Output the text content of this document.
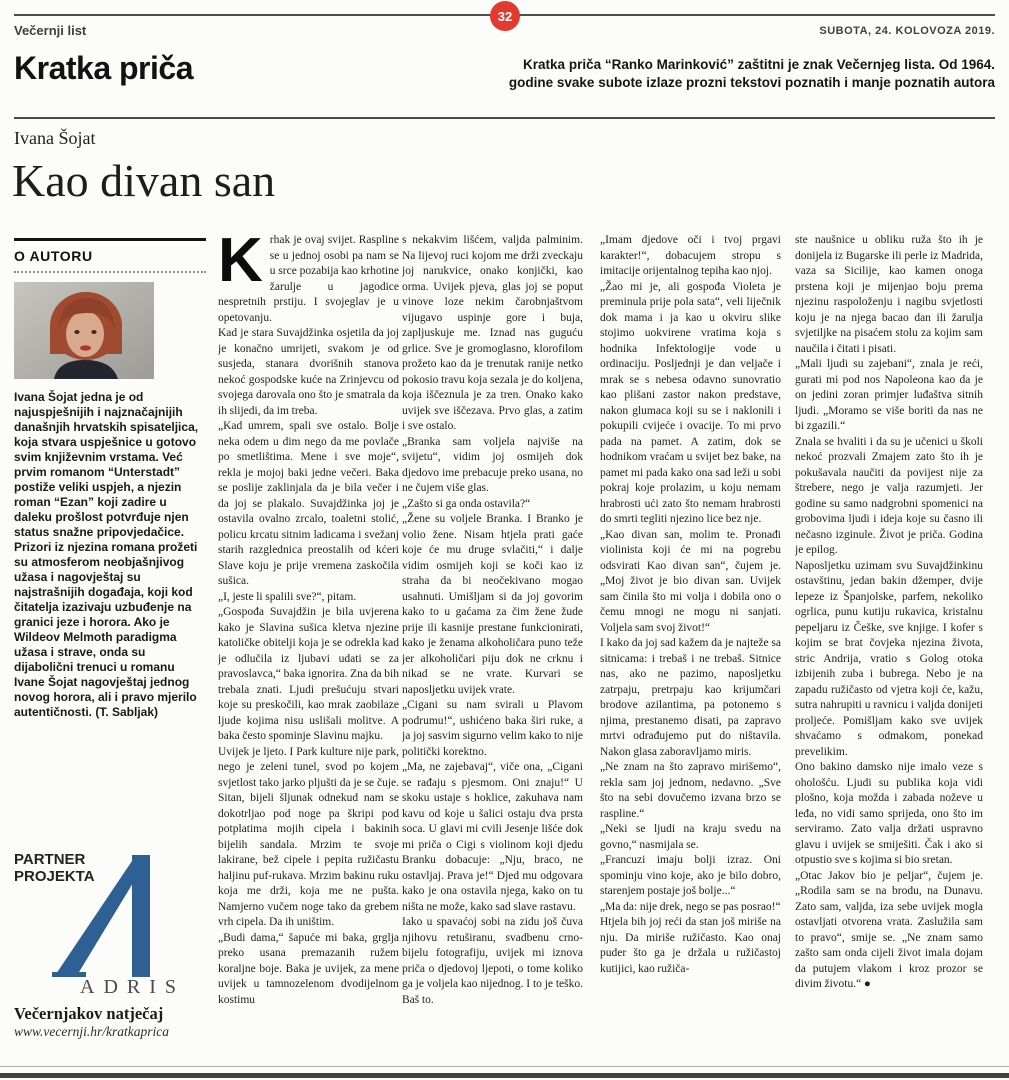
32
Večernji list	SUBOTA, 24. KOLOVOZA 2019.
Kratka priča	Kratka priča “Ranko Marinković” zaštitni je znak Večernjeg lista. Od 1964.
godine svake subote izlaze prozni tekstovi poznatih i manje poznatih autora
Ivana Šojat
Kao divan san
O AUTORU
Ivana Šojat jedna je od najuspješnijih i najznačajnijih današnjih hrvatskih spisateljica, koja stvara uspješnice u gotovo svim književnim vrstama. Već prvim romanom “Unterstadt” postiže veliki uspjeh, a njezin roman “Ezan” koji zadire u daleku prošlost potvrđuje njen status snažne pripovjedačice. Prizori iz njezina romana prožeti su atmosferom neobjašnjivog užasa i nagovještaj su najstrašnijih događaja, koji kod čitatelja izazivaju uzbuđenje na granici jeze i horora. Ako je Wildeov Melmoth paradigma užasa i strave, onda su dijabolični trenuci u romanu Ivane Šojat nagovještaj jednog novog horora, ali i pravo mjerilo autentičnosti. (T. Sabljak)
PARTNER
PROJEKTA
ADRIS
Večernjakov natječaj
www.vecernji.hr/kratkaprica
K rhak je ovaj svijet. Raspline se u jednoj osobi pa nam se u srce pozabija kao krhotine žarulje u jagodice nespretnih prstiju. I svojeglav je u opetovanju.

Kad je stara Suvajdžinka osjetila da joj je konačno umrijeti, svakom je od susjeda, stanara dvorišnih stanova nekoć gospodske kuće na Zrinjevcu od svojega darovala ono što je smatrala da ih slijedi, da im treba.

„Kad umrem, spali sve ostalo. Bolje neka odem u dim nego da me povlače po smetlištima. Mene i sve moje“, rekla je mojoj baki jedne večeri. Baka se poslije zaklinjala da je bila večer i da joj se plakalo. Suvajdžinka joj je ostavila ovalno zrcalo, toaletni stolić, policu krcatu sitnim ladicama i svežanj starih razglednica preostalih od kćeri Slave koju je prije vremena zaskočila sušica.

„I, jeste li spalili sve?“, pitam.

„Gospođa Suvajdžin je bila uvjerena kako je Slavina sušica kletva njezine katoličke obitelji koja je se odrekla kad je odlučila iz ljubavi udati se za pravoslavca,“ baka ignorira. Zna da bih trebala znati. Ljudi prešućuju stvari koje su preskočili, kao mrak zaobilaze ljude kojima nisu uslišali molitve. A baka često spominje Slavinu majku.

Uvijek je ljeto. I Park kulture nije park, nego je zeleni tunel, svod po kojem svjetlost tako jarko pljušti da je se čuje. Sitan, bijeli šljunak odnekud nam se dokotrljao pod noge pa škripi pod potplatima mojih cipela i bakinih bijelih sandala. Mrzim te svoje lakirane, bež cipele i pepita ružičastu haljinu puf-rukava. Mrzim bakinu ruku koja me drži, koja me ne pušta. Namjerno vučem noge tako da grebem vrh cipela. Da ih uništim.

„Budi dama,“ šapuće mi baka, grglja preko usana premazanih ružem koraljne boje. Baka je uvijek, za mene uvijek u tamnozelenom dvodijelnom kostimu

s nekakvim lišćem, valjda palminim. Na lijevoj ruci kojom me drži zveckaju joj narukvice, onako konjički, kao orma. Uvijek pjeva, glas joj se poput vinove loze nekim čarobnjaštvom vijugavo uspinje gore i buja, zapljuskuje me. Iznad nas guguću grlice. Sve je gromoglasno, klorofilom prožeto kao da je trenutak ranije netko pokosio travu koja sezala je do koljena, koja iščeznula je za tren. Onako kako uvijek sve iščezava. Prvo glas, a zatim i sve ostalo.

„Branka sam voljela najviše na svijetu“, vidim joj osmijeh dok djedovo ime prebacuje preko usana, no ne čujem više glas.

„Zašto si ga onda ostavila?“

„Žene su voljele Branka. I Branko je volio žene. Nisam htjela prati gaće koje će mu druge svlačiti,“ i dalje vidim osmijeh koji se koči kao iz straha da bi neočekivano mogao usahnuti. Umišljam si da joj govorim kako to u gaćama za čim žene žude prije ili kasnije prestane funkcionirati, kako je ženama alkoholičara puno teže jer alkoholičari piju dok ne crknu i nikad se ne vrate. Kurvari se naposljetku uvijek vrate.

„Cigani su nam svirali u Plavom podrumu!“, ushićeno baka širi ruke, a ja joj sasvim sigurno velim kako to nije politički korektno.

„Ma, ne zajebavaj“, viče ona, „Cigani se rađaju s pjesmom. Oni znaju!“ U skoku ustaje s hoklice, zakuhava nam kavu od koje u šalici ostaju dva prsta soca. U glavi mi cvili Jesenje lišće dok mi priča o Cigi s violinom koji djedu Branku dobacuje: „Nju, braco, ne ostavljaj. Prava je!“ Djed mu odgovara kako je ona ostavila njega, kako on tu ništa ne može, kako sad slave rastavu.

Iako u spavaćoj sobi na zidu još čuva njihovu retuširanu, svadbenu crno-bijelu fotografiju, uvijek mi iznova priča o djedovoj ljepoti, o tome koliko ga je voljela kao nijednog. I to je teško. Baš to.

„Imam djedove oči i tvoj prgavi karakter!“, dobacujem stropu s imitacije orijentalnog tepiha kao njoj.

„Žao mi je, ali gospođa Violeta je preminula prije pola sata“, veli liječnik dok mama i ja kao u okviru slike stojimo uokvirene vratima koja s hodnika Infektologije vode u ordinaciju. Posljednji je dan veljače i mrak se s nebesa odavno sunovratio kao plišani zastor nakon predstave, nakon glumaca koji su se i naklonili i pokupili cvijeće i ovacije. To mi prvo pada na pamet. A zatim, dok se hodnikom vraćam u svijet bez bake, na pamet mi pada kako ona sad leži u sobi pokraj koje prolazim, u koju nemam hrabrosti ući zato što nemam hrabrosti do smrti tegliti njezino lice bez nje.

„Kao divan san, molim te. Pronađi violinista koji će mi na pogrebu odsvirati Kao divan san“, čujem je. „Moj život je bio divan san. Uvijek sam činila što mi volja i dobila ono o čemu mnogi ne mogu ni sanjati. Voljela sam svoj život!“

I kako da joj sad kažem da je najteže sa sitnicama: i trebaš i ne trebaš. Sitnice nas, ako ne pazimo, naposljetku zatrpaju, pretrpaju kao krijumčari brodove azilantima, pa potonemo s njima, prestanemo disati, pa zapravo mrtvi odrađujemo put do ništavila. Nakon glasa zaboravljamo miris.

„Ne znam na što zapravo mirišemo“, rekla sam joj jednom, nedavno. „Sve što na sebi dovučemo izvana brzo se raspline.“

„Neki se ljudi na kraju svedu na govno,“ nasmijala se.

„Francuzi imaju bolji izraz. Oni spominju vino koje, ako je bilo dobro, starenjem postaje još bolje...“

„Ma da: nije drek, nego se pas posrao!“

Htjela bih joj reći da stan još miriše na nju. Da miriše ružičasto. Kao onaj puder što ga je držala u ružičastoj kutijici, kao ružiča-

ste naušnice u obliku ruža što ih je donijela iz Bugarske ili perle iz Madrida, vaza sa Sicilije, kao kamen onoga prstena koji je mijenjao boju prema njezinu raspoloženju i nagibu svjetlosti koju je na njega bacao dan ili žarulja svjetiljke na pisaćem stolu za kojim sam naučila i čitati i pisati.

„Mali ljudi su zajebani“, znala je reći, gurati mi pod nos Napoleona kao da je on jedini zoran primjer luđaštva sitnih ljudi. „Moramo se više boriti da nas ne bi zgazili.“

Znala se hvaliti i da su je učenici u školi nekoć prozvali Zmajem zato što ih je pokušavala naučiti da povijest nije za štrebere, nego je valja razumjeti. Jer godine su samo nadgrobni spomenici na grobovima ljudi i ideja koje su časno ili nečasno izginule. Život je priča. Godina je epilog.

Naposljetku uzimam svu Suvajdžinkinu ostavštinu, jedan bakin džemper, dvije lepeze iz Španjolske, parfem, nekoliko ogrlica, punu kutiju rukavica, kristalnu pepeljaru iz Češke, sve knjige. I kofer s kojim se brat čovjeka njezina života, stric Andrija, vratio s Golog otoka izbijenih zuba i bubrega. Nebo je na zapadu ružičasto od vjetra koji će, kažu, sutra nahrupiti u ravnicu i valjda donijeti proljeće. Pomišljam kako sve uvijek shvaćamo s odmakom, ponekad prevelikim.

Ono bakino damsko nije imalo veze s ohološću. Ljudi su publika koja vidi plošno, koja možda i zabada noževe u leđa, no vidi samo sprijeda, ono što im serviramo. Zato valja držati uspravno glavu i uvijek se smiješiti. Čak i ako si otpustio sve s kojima si bio sretan.

„Otac Jakov bio je peljar“, čujem je. „Rodila sam se na brodu, na Dunavu. Zato sam, valjda, iza sebe uvijek mogla ostavljati otvorena vrata. Zaslužila sam to pravo“, smije se. „Ne znam samo zašto sam onda cijeli život imala dojam da putujem vlakom i kroz prozor se divim životu.“ ●
